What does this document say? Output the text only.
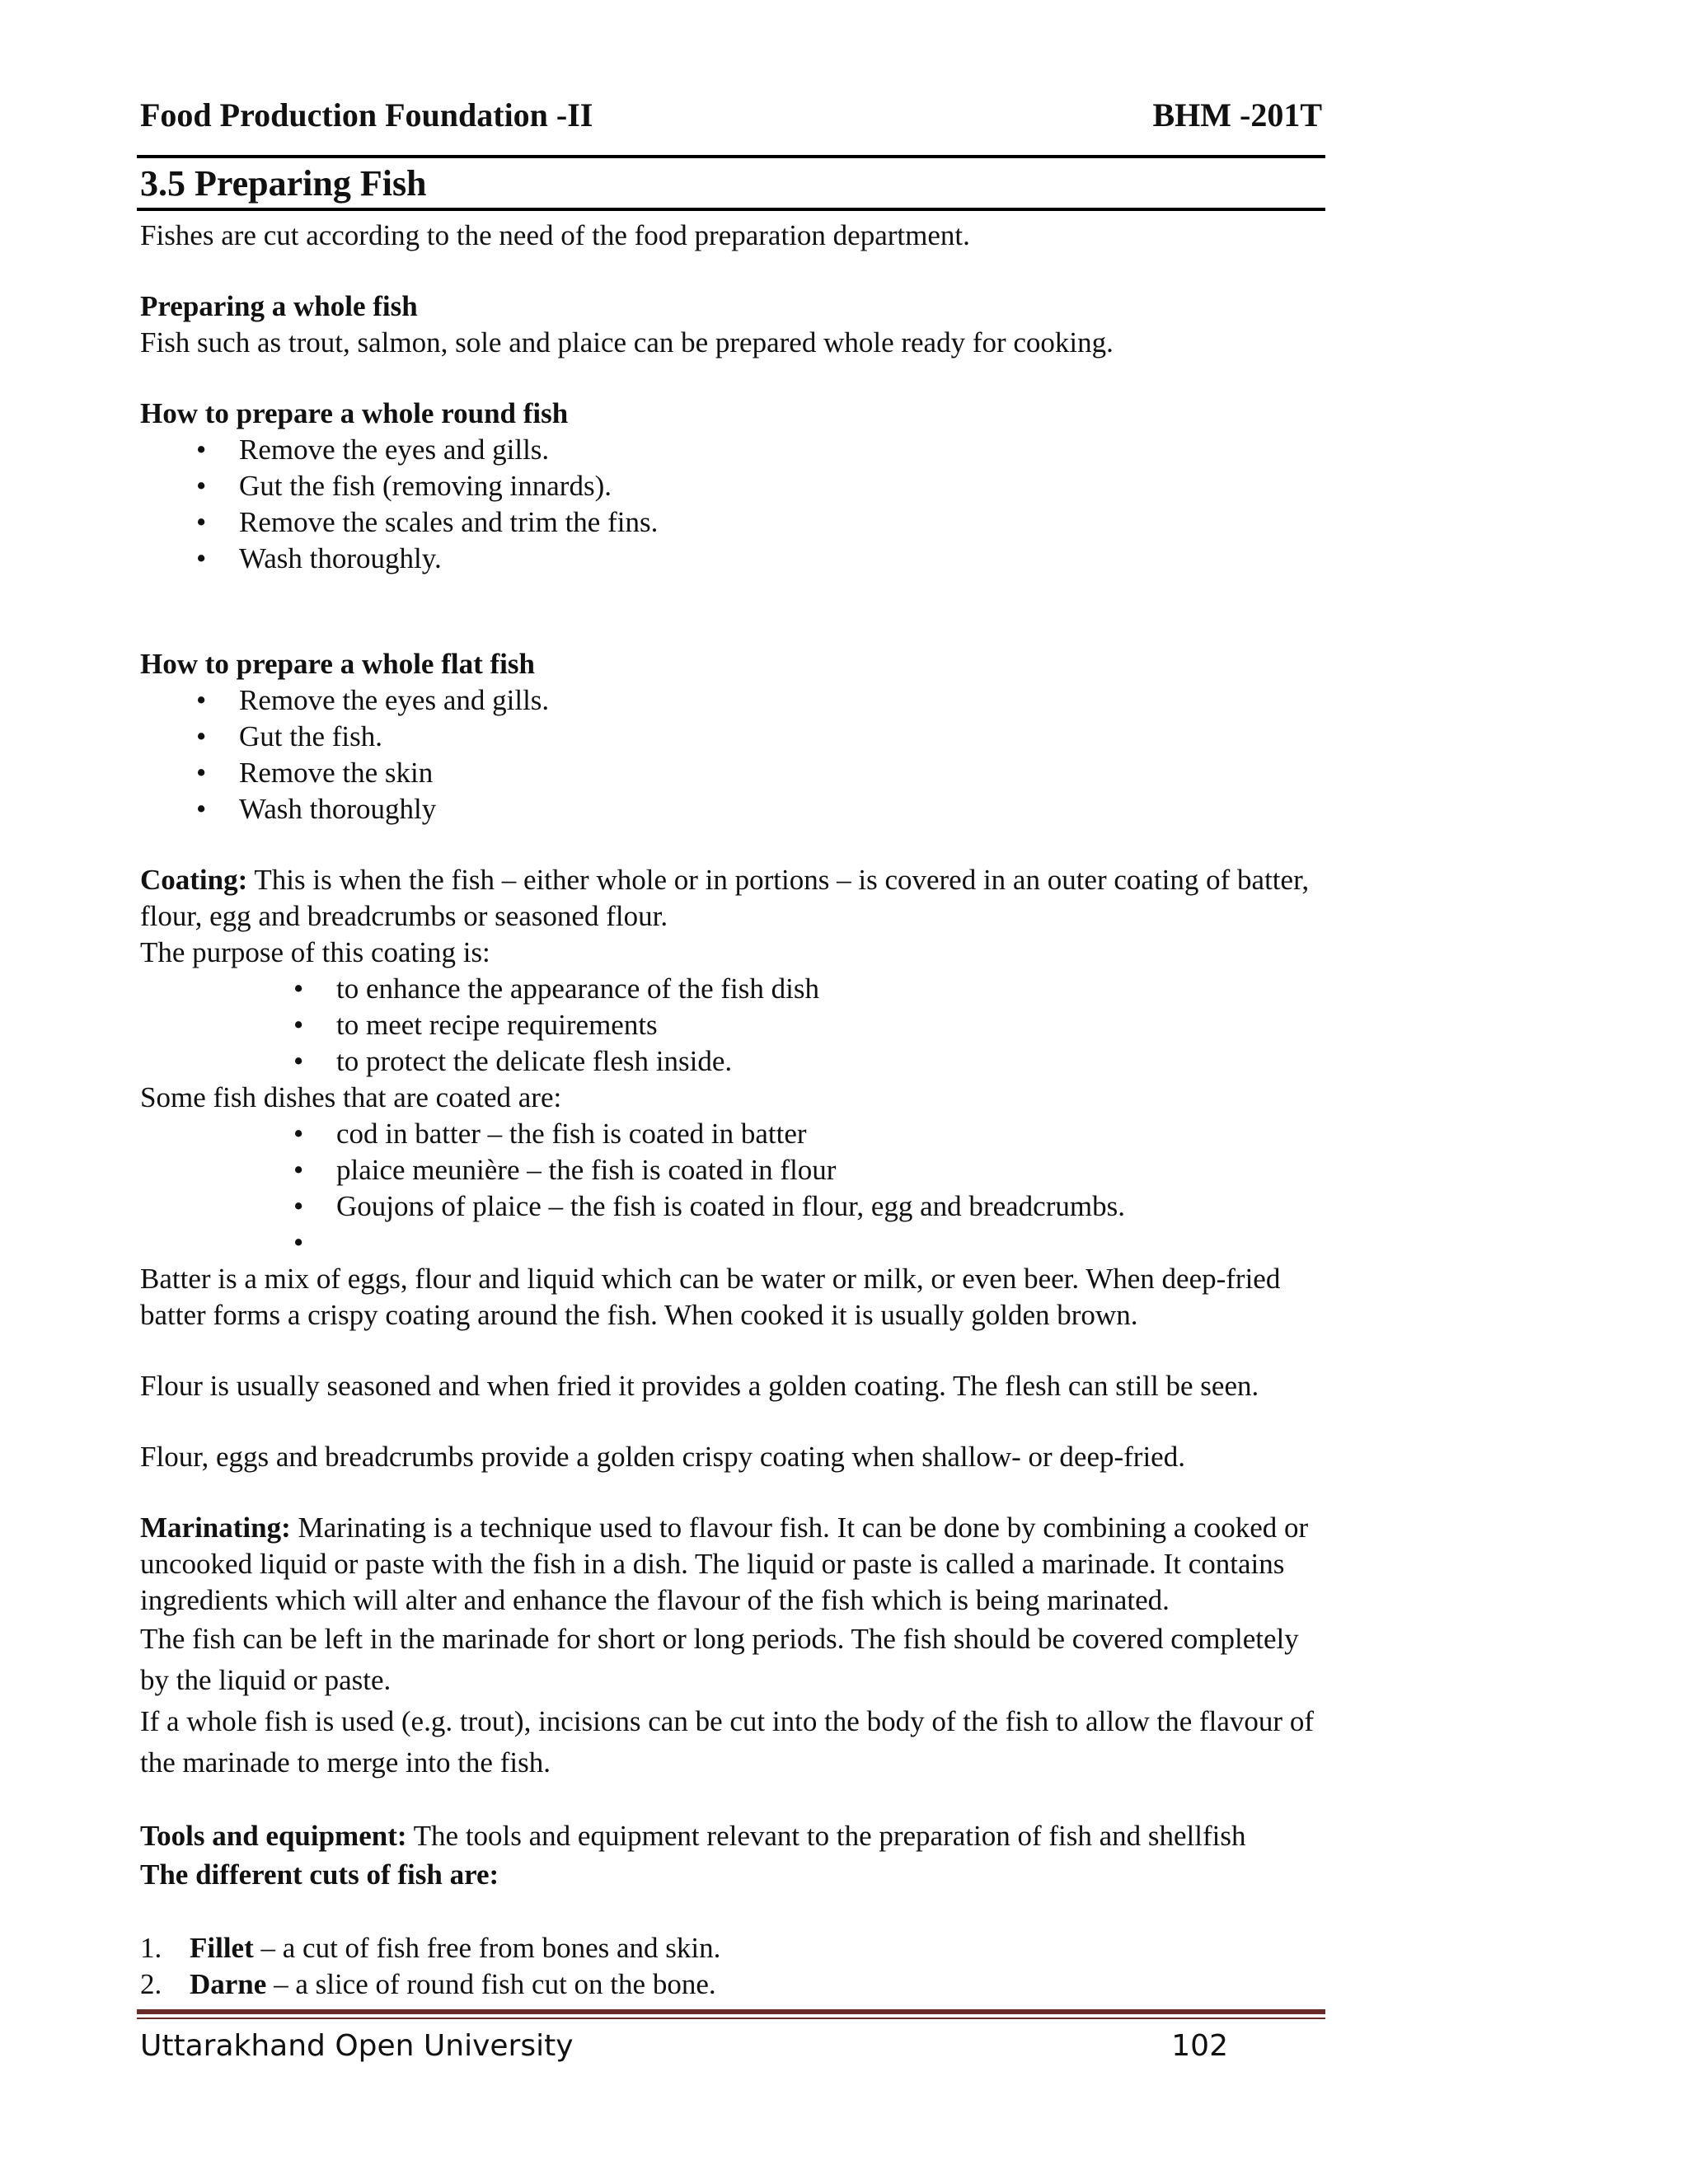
Food Production Foundation -II	BHM -201T
3.5 Preparing Fish

Fishes are cut according to the need of the food preparation department.

Preparing a whole fish

Fish such as trout, salmon, sole and plaice can be prepared whole ready for cooking.

How to prepare a whole round fish

• Remove the eyes and gills.
• Gut the fish (removing innards).
• Remove the scales and trim the fins.
• Wash thoroughly.

How to prepare a whole flat fish

• Remove the eyes and gills.
• Gut the fish.
• Remove the skin
• Wash thoroughly

Coating: This is when the fish – either whole or in portions – is covered in an outer coating of batter, flour, egg and breadcrumbs or seasoned flour.

The purpose of this coating is:

• to enhance the appearance of the fish dish
• to meet recipe requirements
• to protect the delicate flesh inside.

Some fish dishes that are coated are:

• cod in batter – the fish is coated in batter
• plaice meunière – the fish is coated in flour
• Goujons of plaice – the fish is coated in flour, egg and breadcrumbs.
•

Batter is a mix of eggs, flour and liquid which can be water or milk, or even beer. When deep-fried batter forms a crispy coating around the fish. When cooked it is usually golden brown.

Flour is usually seasoned and when fried it provides a golden coating. The flesh can still be seen.

Flour, eggs and breadcrumbs provide a golden crispy coating when shallow- or deep-fried.

Marinating: Marinating is a technique used to flavour fish. It can be done by combining a cooked or uncooked liquid or paste with the fish in a dish. The liquid or paste is called a marinade. It contains ingredients which will alter and enhance the flavour of the fish which is being marinated.

The fish can be left in the marinade for short or long periods. The fish should be covered completely by the liquid or paste.

If a whole fish is used (e.g. trout), incisions can be cut into the body of the fish to allow the flavour of the marinade to merge into the fish.

Tools and equipment: The tools and equipment relevant to the preparation of fish and shellfish

The different cuts of fish are:

1. Fillet – a cut of fish free from bones and skin.
2. Darne – a slice of round fish cut on the bone.
Uttarakhand Open University	102
